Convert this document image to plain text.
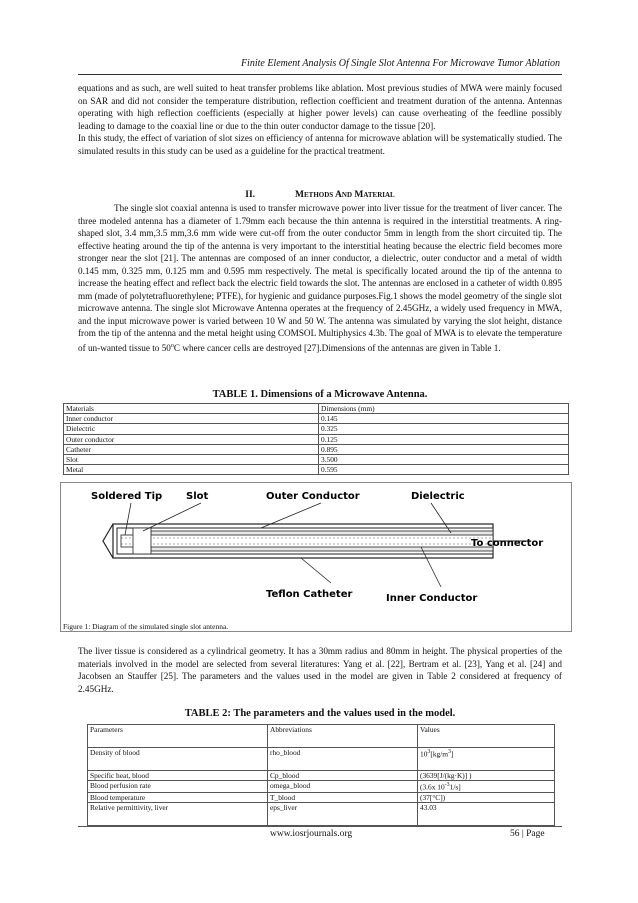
Finite Element Analysis Of Single Slot Antenna For Microwave Tumor Ablation

equations and as such, are well suited to heat transfer problems like ablation. Most previous studies of MWA were mainly focused on SAR and did not consider the temperature distribution, reflection coefficient and treatment duration of the antenna. Antennas operating with high reflection coefficients (especially at higher power levels) can cause overheating of the feedline possibly leading to damage to the coaxial line or due to the thin outer conductor damage to the tissue [20].

In this study, the effect of variation of slot sizes on efficiency of antenna for microwave ablation will be systematically studied. The simulated results in this study can be used as a guideline for the practical treatment.

II.	Methods And Material

The single slot coaxial antenna is used to transfer microwave power into liver tissue for the treatment of liver cancer. The three modeled antenna has a diameter of 1.79mm each because the thin antenna is required in the interstitial treatments. A ring-shaped slot, 3.4 mm,3.5 mm,3.6 mm wide were cut-off from the outer conductor 5mm in length from the short circuited tip. The effective heating around the tip of the antenna is very important to the interstitial heating because the electric field becomes more stronger near the slot [21]. The antennas are composed of an inner conductor, a dielectric, outer conductor and a metal of width 0.145 mm, 0.325 mm, 0.125 mm and 0.595 mm respectively. The metal is specifically located around the tip of the antenna to increase the heating effect and reflect back the electric field towards the slot. The antennas are enclosed in a catheter of width 0.895 mm (made of polytetrafluorethylene; PTFE), for hygienic and guidance purposes.Fig.1 shows the model geometry of the single slot microwave antenna. The single slot Microwave Antenna operates at the frequency of 2.45GHz, a widely used frequency in MWA, and the input microwave power is varied between 10 W and 50 W. The antenna was simulated by varying the slot height, distance from the tip of the antenna and the metal height using COMSOL Multiphysics 4.3b. The goal of MWA is to elevate the temperature of un-wanted tissue to 50$^o$C where cancer cells are destroyed [27].Dimensions of the antennas are given in Table 1.

TABLE 1. Dimensions of a Microwave Antenna.
Materials	Dimensions (mm)
Inner conductor	0.145
Dielectric	0.325
Outer conductor	0.125
Catheter	0.895
Slot	3.500
Metal	0.595
Soldered Tip Slot	Outer Conductor	Dielectric
To connector
Teflon Catheter	Inner Conductor
Figure 1: Diagram of the simulated single slot antenna.

The liver tissue is considered as a cylindrical geometry. It has a 30mm radius and 80mm in height. The physical properties of the materials involved in the model are selected from several literatures: Yang et al. [22], Bertram et al. [23], Yang et al. [24] and Jacobsen an Stauffer [25]. The parameters and the values used in the model are given in Table 2 considered at frequency of 2.45GHz.

TABLE 2: The parameters and the values used in the model.
Parameters	Abbreviations	Values
Density of blood	rho_blood	$10^3[kg/m^3]$
Specific heat, blood	Cp_blood	(3639[J/(kg·K)] )
Blood perfusion rate	omega_blood	(3.6x $10^{-3}1/s$]
Blood temperature	T_blood	(37[°C])
Relative permittivity, liver	eps_liver	43.03
www.iosrjournals.org	56 | Page
